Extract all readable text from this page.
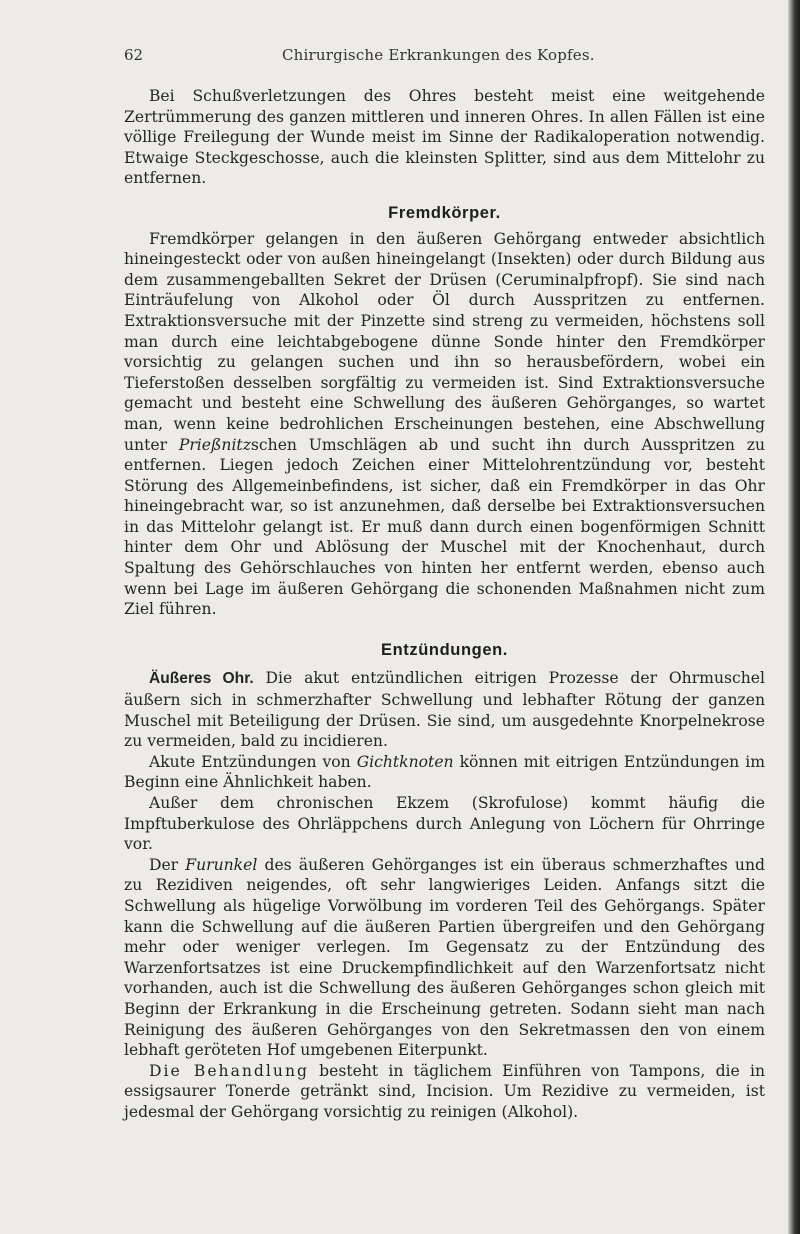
62	Chirurgische Erkrankungen des Kopfes.

Bei Schußverletzungen des Ohres besteht meist eine weitgehende Zertrümmerung des ganzen mittleren und inneren Ohres. In allen Fällen ist eine völlige Freilegung der Wunde meist im Sinne der Radikaloperation notwendig. Etwaige Steckgeschosse, auch die kleinsten Splitter, sind aus dem Mittelohr zu entfernen.

Fremdkörper.

Fremdkörper gelangen in den äußeren Gehörgang entweder absichtlich hineingesteckt oder von außen hineingelangt (Insekten) oder durch Bildung aus dem zusammengeballten Sekret der Drüsen (Ceruminalpfropf). Sie sind nach Einträufelung von Alkohol oder Öl durch Ausspritzen zu entfernen. Extraktionsversuche mit der Pinzette sind streng zu vermeiden, höchstens soll man durch eine leichtabgebogene dünne Sonde hinter den Fremdkörper vorsichtig zu gelangen suchen und ihn so herausbefördern, wobei ein Tieferstoßen desselben sorgfältig zu vermeiden ist. Sind Extraktionsversuche gemacht und besteht eine Schwellung des äußeren Gehörganges, so wartet man, wenn keine bedrohlichen Erscheinungen bestehen, eine Abschwellung unter Prießnitzschen Umschlägen ab und sucht ihn durch Ausspritzen zu entfernen. Liegen jedoch Zeichen einer Mittelohrentzündung vor, besteht Störung des Allgemeinbefindens, ist sicher, daß ein Fremdkörper in das Ohr hineingebracht war, so ist anzunehmen, daß derselbe bei Extraktionsversuchen in das Mittelohr gelangt ist. Er muß dann durch einen bogenförmigen Schnitt hinter dem Ohr und Ablösung der Muschel mit der Knochenhaut, durch Spaltung des Gehörschlauches von hinten her entfernt werden, ebenso auch wenn bei Lage im äußeren Gehörgang die schonenden Maßnahmen nicht zum Ziel führen.

Entzündungen.

Äußeres Ohr. Die akut entzündlichen eitrigen Prozesse der Ohrmuschel äußern sich in schmerzhafter Schwellung und lebhafter Rötung der ganzen Muschel mit Beteiligung der Drüsen. Sie sind, um ausgedehnte Knorpelnekrose zu vermeiden, bald zu incidieren.

Akute Entzündungen von Gichtknoten können mit eitrigen Entzündungen im Beginn eine Ähnlichkeit haben.

Außer dem chronischen Ekzem (Skrofulose) kommt häufig die Impftuberkulose des Ohrläppchens durch Anlegung von Löchern für Ohrringe vor.

Der Furunkel des äußeren Gehörganges ist ein überaus schmerzhaftes und zu Rezidiven neigendes, oft sehr langwieriges Leiden. Anfangs sitzt die Schwellung als hügelige Vorwölbung im vorderen Teil des Gehörgangs. Später kann die Schwellung auf die äußeren Partien übergreifen und den Gehörgang mehr oder weniger verlegen. Im Gegensatz zu der Entzündung des Warzenfortsatzes ist eine Druckempfindlichkeit auf den Warzenfortsatz nicht vorhanden, auch ist die Schwellung des äußeren Gehörganges schon gleich mit Beginn der Erkrankung in die Erscheinung getreten. Sodann sieht man nach Reinigung des äußeren Gehörganges von den Sekretmassen den von einem lebhaft geröteten Hof umgebenen Eiterpunkt.

Die Behandlung besteht in täglichem Einführen von Tampons, die in essigsaurer Tonerde getränkt sind, Incision. Um Rezidive zu vermeiden, ist jedesmal der Gehörgang vorsichtig zu reinigen (Alkohol).
